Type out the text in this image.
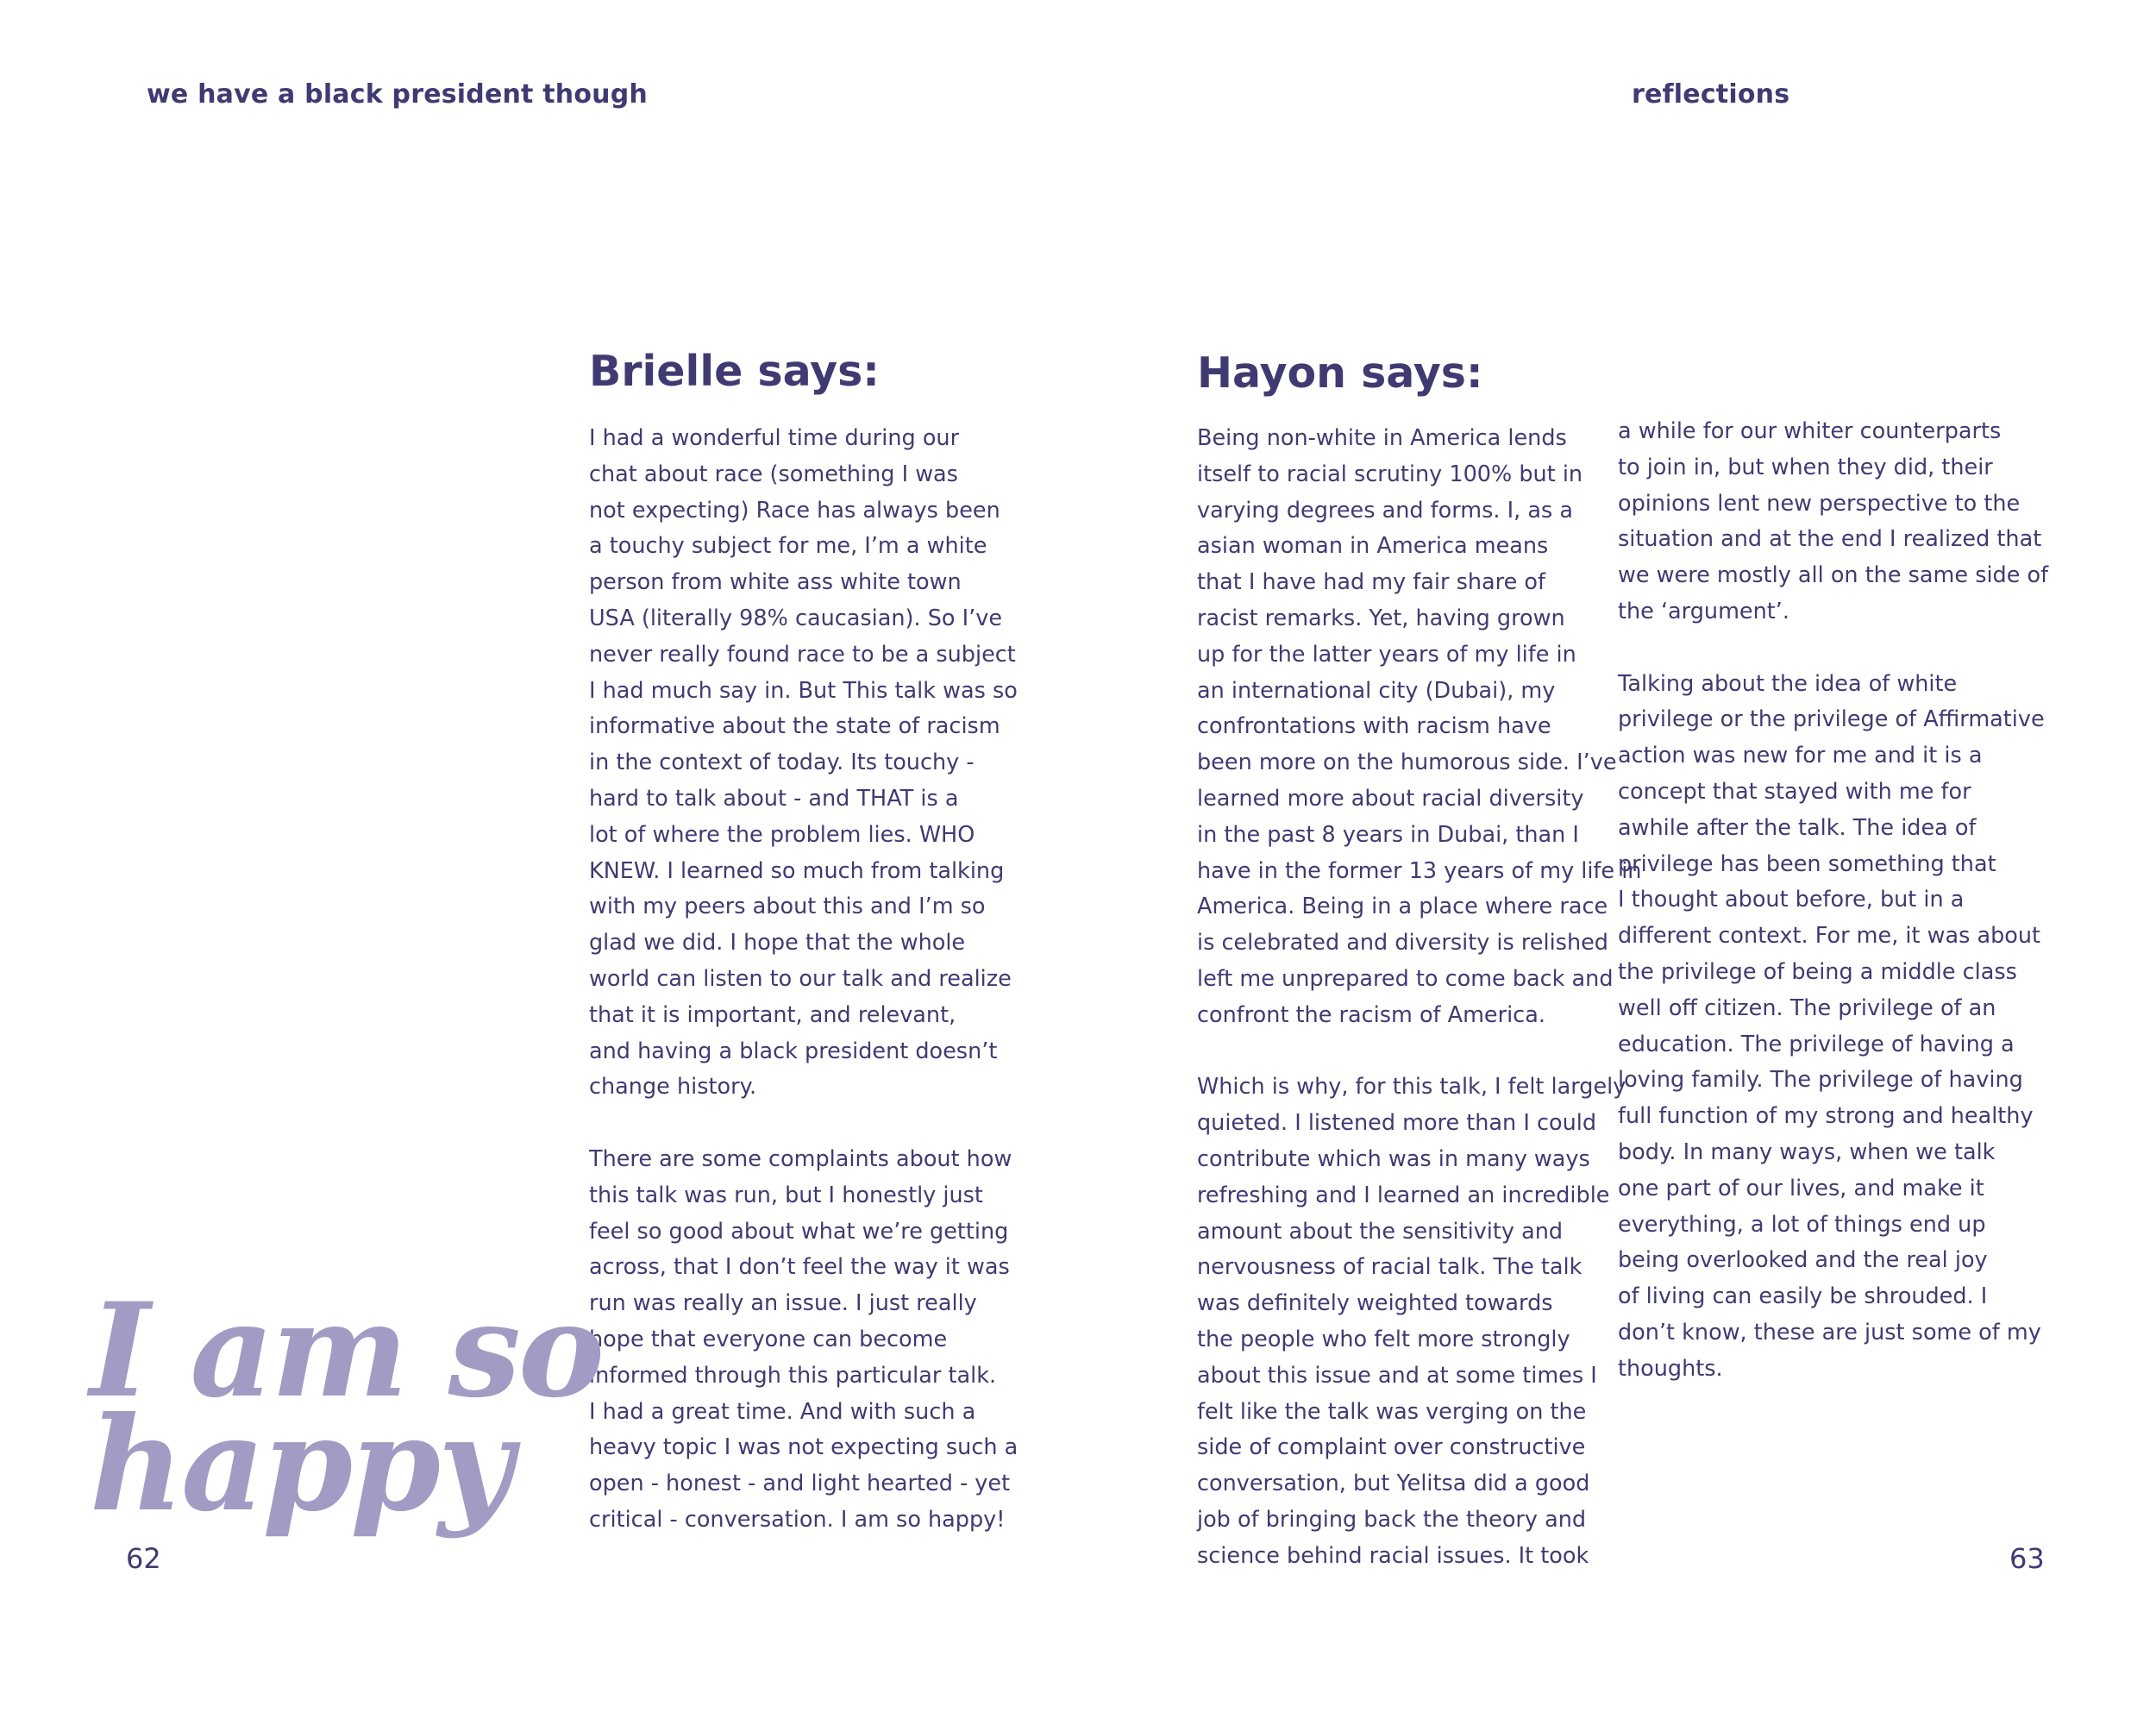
we have a black president though	reflections
Brielle says:
I had a wonderful time during our
chat about race (something I was
not expecting) Race has always been
a touchy subject for me, I’m a white
person from white ass white town
USA (literally 98% caucasian). So I’ve
never really found race to be a subject
I had much say in. But This talk was so
informative about the state of racism
in the context of today. Its touchy -
hard to talk about - and THAT is a
lot of where the problem lies. WHO
KNEW. I learned so much from talking
with my peers about this and I’m so
glad we did. I hope that the whole
world can listen to our talk and realize
that it is important, and relevant,
and having a black president doesn’t
change history.
There are some complaints about how
this talk was run, but I honestly just
feel so good about what we’re getting
across, that I don’t feel the way it was
run was really an issue. I just really
hope that everyone can become
informed through this particular talk.
I had a great time. And with such a
heavy topic I was not expecting such a
open - honest - and light hearted - yet
critical - conversation. I am so happy!
Hayon says:
Being non-white in America lends
itself to racial scrutiny 100% but in
varying degrees and forms. I, as a
asian woman in America means
that I have had my fair share of
racist remarks. Yet, having grown
up for the latter years of my life in
an international city (Dubai), my
confrontations with racism have
been more on the humorous side. I’ve
learned more about racial diversity
in the past 8 years in Dubai, than I
have in the former 13 years of my life in
America. Being in a place where race
is celebrated and diversity is relished
left me unprepared to come back and
confront the racism of America.
Which is why, for this talk, I felt largely
quieted. I listened more than I could
contribute which was in many ways
refreshing and I learned an incredible
amount about the sensitivity and
nervousness of racial talk. The talk
was definitely weighted towards
the people who felt more strongly
about this issue and at some times I
felt like the talk was verging on the
side of complaint over constructive
conversation, but Yelitsa did a good
job of bringing back the theory and
science behind racial issues. It took
a while for our whiter counterparts
to join in, but when they did, their
opinions lent new perspective to the
situation and at the end I realized that
we were mostly all on the same side of
the ‘argument’.
Talking about the idea of white
privilege or the privilege of Affirmative
action was new for me and it is a
concept that stayed with me for
awhile after the talk. The idea of
privilege has been something that
I thought about before, but in a
different context. For me, it was about
the privilege of being a middle class
well off citizen. The privilege of an
education. The privilege of having a
loving family. The privilege of having
full function of my strong and healthy
body. In many ways, when we talk
one part of our lives, and make it
everything, a lot of things end up
being overlooked and the real joy
of living can easily be shrouded. I
don’t know, these are just some of my
thoughts.
I am so
happy
62	63
